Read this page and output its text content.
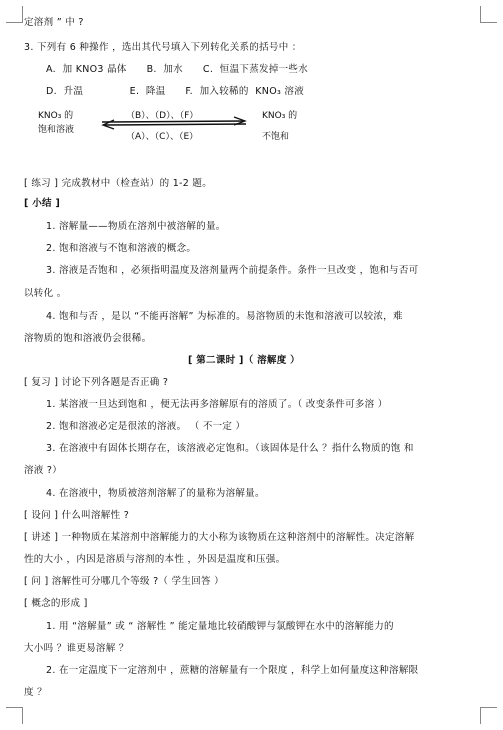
定溶剂 ” 中 ?
3. 下列有 6 种操作 ，选出其代号填入下列转化关系的括号中 ：
A.  加 KNO3 晶体      B.  加水      C.  恒温下蒸发掉一些水
D.  升温              E.  降温      F.  加入较稀的  KNO₃ 溶液
KNO₃ 的
饱和溶液
（B）、（D）、（F）
（A）、（C）、（E）
KNO₃ 的
不饱和
[ 练习 ] 完成教材中（检查站）的 1-2 题。
[ 小结 ]
1. 溶解量——物质在溶剂中被溶解的量。
2. 饱和溶液与不饱和溶液的概念。
3. 溶液是否饱和 ，必须指明温度及溶剂量两个前提条件。条件一旦改变 ，饱和与否可
以转化 。
4. 饱和与否 ，是以 “不能再溶解” 为标准的。易溶物质的未饱和溶液可以较浓，难
溶物质的饱和溶液仍会很稀。
[ 第二课时 ]（ 溶解度 ）
[ 复习 ] 讨论下列各题是否正确 ?
1. 某溶液一旦达到饱和 ，便无法再多溶解原有的溶质了。（ 改变条件可多溶 ）
2. 饱和溶液必定是很浓的溶液。 （ 不一定 ）
3. 在溶液中有固体长期存在，该溶液必定饱和。（该固体是什么 ？指什么物质的饱 和
溶液 ?）
4. 在溶液中，物质被溶剂溶解了的量称为溶解量。
[ 设问 ] 什么叫溶解性 ?
[ 讲述 ] 一种物质在某溶剂中溶解能力的大小称为该物质在这种溶剂中的溶解性。决定溶解
性的大小 ，内因是溶质与溶剂的本性 ，外因是温度和压强。
[ 问 ] 溶解性可分哪几个等级 ?（ 学生回答 ）
[ 概念的形成 ]
1. 用 “溶解量” 或 “ 溶解性 ” 能定量地比较硝酸钾与氯酸钾在水中的溶解能力的
大小吗 ？谁更易溶解 ？
2. 在一定温度下一定溶剂中 ，蔗糖的溶解量有一个限度 ，科学上如何量度这种溶解限
度 ？
